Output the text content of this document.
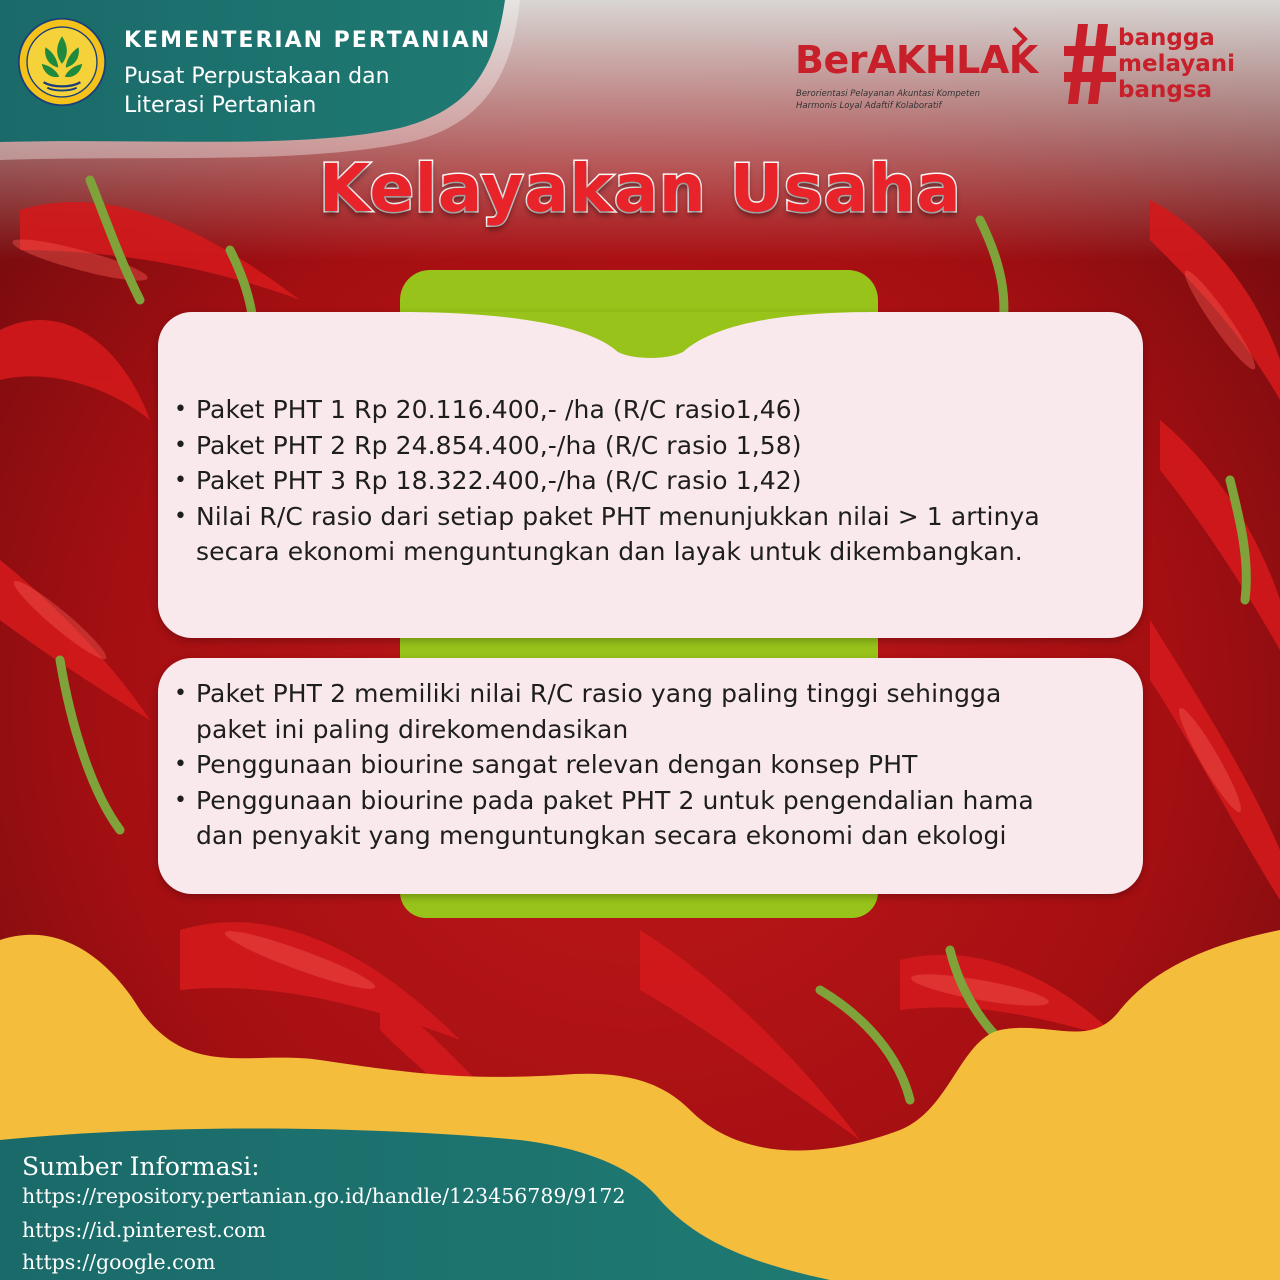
KEMENTERIAN PERTANIAN
Pusat Perpustakaan dan
Literasi Pertanian
BerAKHLAK
Berorientasi Pelayanan Akuntasi Kompeten
Harmonis Loyal Adaftif Kolaboratif
bangga
melayani
bangsa
Kelayakan Usaha
• Paket PHT 1 Rp 20.116.400,- /ha (R/C rasio1,46)
• Paket PHT 2 Rp 24.854.400,-/ha (R/C rasio 1,58)
• Paket PHT 3 Rp 18.322.400,-/ha (R/C rasio 1,42)
• Nilai R/C rasio dari setiap paket PHT menunjukkan nilai > 1 artinya
secara ekonomi menguntungkan dan layak untuk dikembangkan.
• Paket PHT 2 memiliki nilai R/C rasio yang paling tinggi sehingga
paket ini paling direkomendasikan
• Penggunaan biourine sangat relevan dengan konsep PHT
• Penggunaan biourine pada paket PHT 2 untuk pengendalian hama
dan penyakit yang menguntungkan secara ekonomi dan ekologi
Sumber Informasi:
https://repository.pertanian.go.id/handle/123456789/9172
https://id.pinterest.com
https://google.com
